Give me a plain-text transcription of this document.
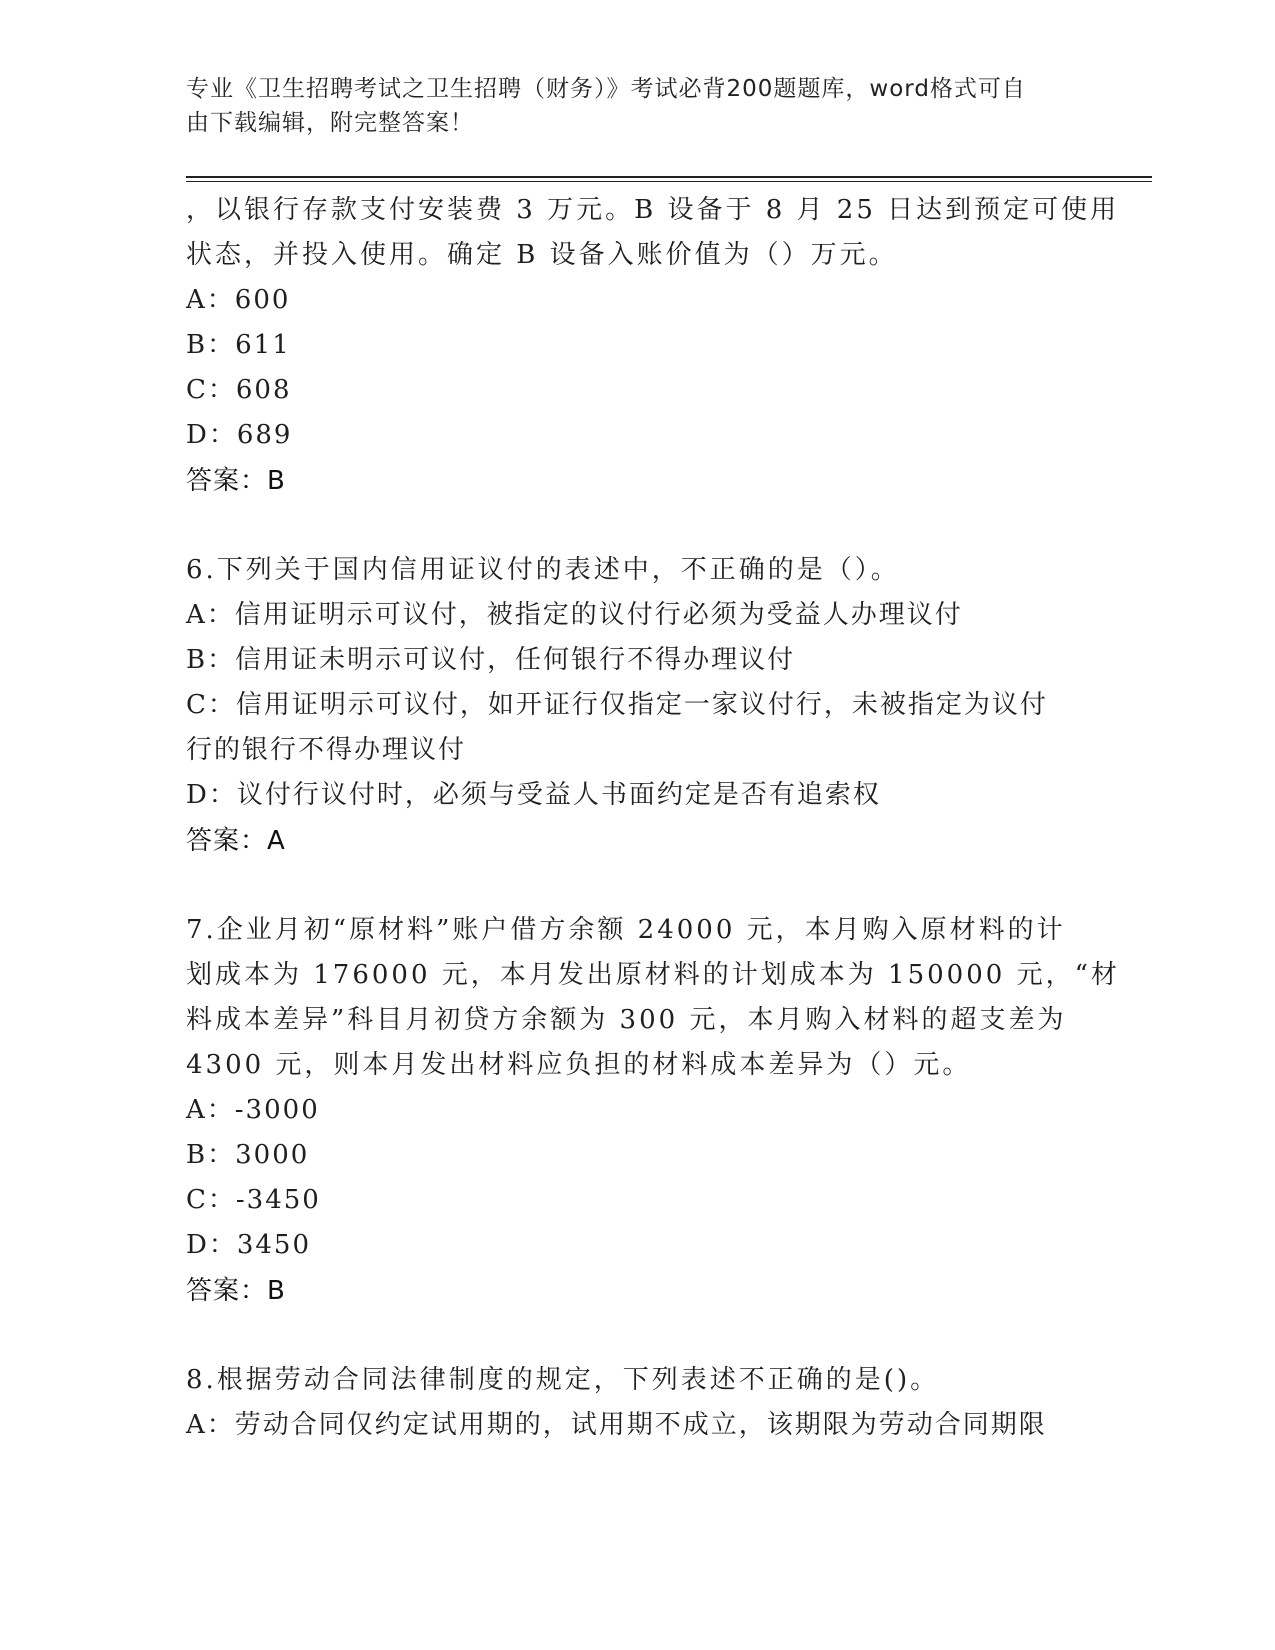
专业《卫生招聘考试之卫生招聘（财务）》考试必背200题题库，word格式可自
由下载编辑，附完整答案！
，以银行存款支付安装费 3 万元。B 设备于 8 月 25 日达到预定可使用
状态，并投入使用。确定 B 设备入账价值为（）万元。
A：600
B：611
C：608
D：689
答案：B
6.下列关于国内信用证议付的表述中，不正确的是（）。
A：信用证明示可议付，被指定的议付行必须为受益人办理议付
B：信用证未明示可议付，任何银行不得办理议付
C：信用证明示可议付，如开证行仅指定一家议付行，未被指定为议付
行的银行不得办理议付
D：议付行议付时，必须与受益人书面约定是否有追索权
答案：A
7.企业月初“原材料”账户借方余额 24000 元，本月购入原材料的计
划成本为 176000 元，本月发出原材料的计划成本为 150000 元，“材
料成本差异”科目月初贷方余额为 300 元，本月购入材料的超支差为
4300 元，则本月发出材料应负担的材料成本差异为（）元。
A：-3000
B：3000
C：-3450
D：3450
答案：B
8.根据劳动合同法律制度的规定，下列表述不正确的是()。
A：劳动合同仅约定试用期的，试用期不成立，该期限为劳动合同期限
